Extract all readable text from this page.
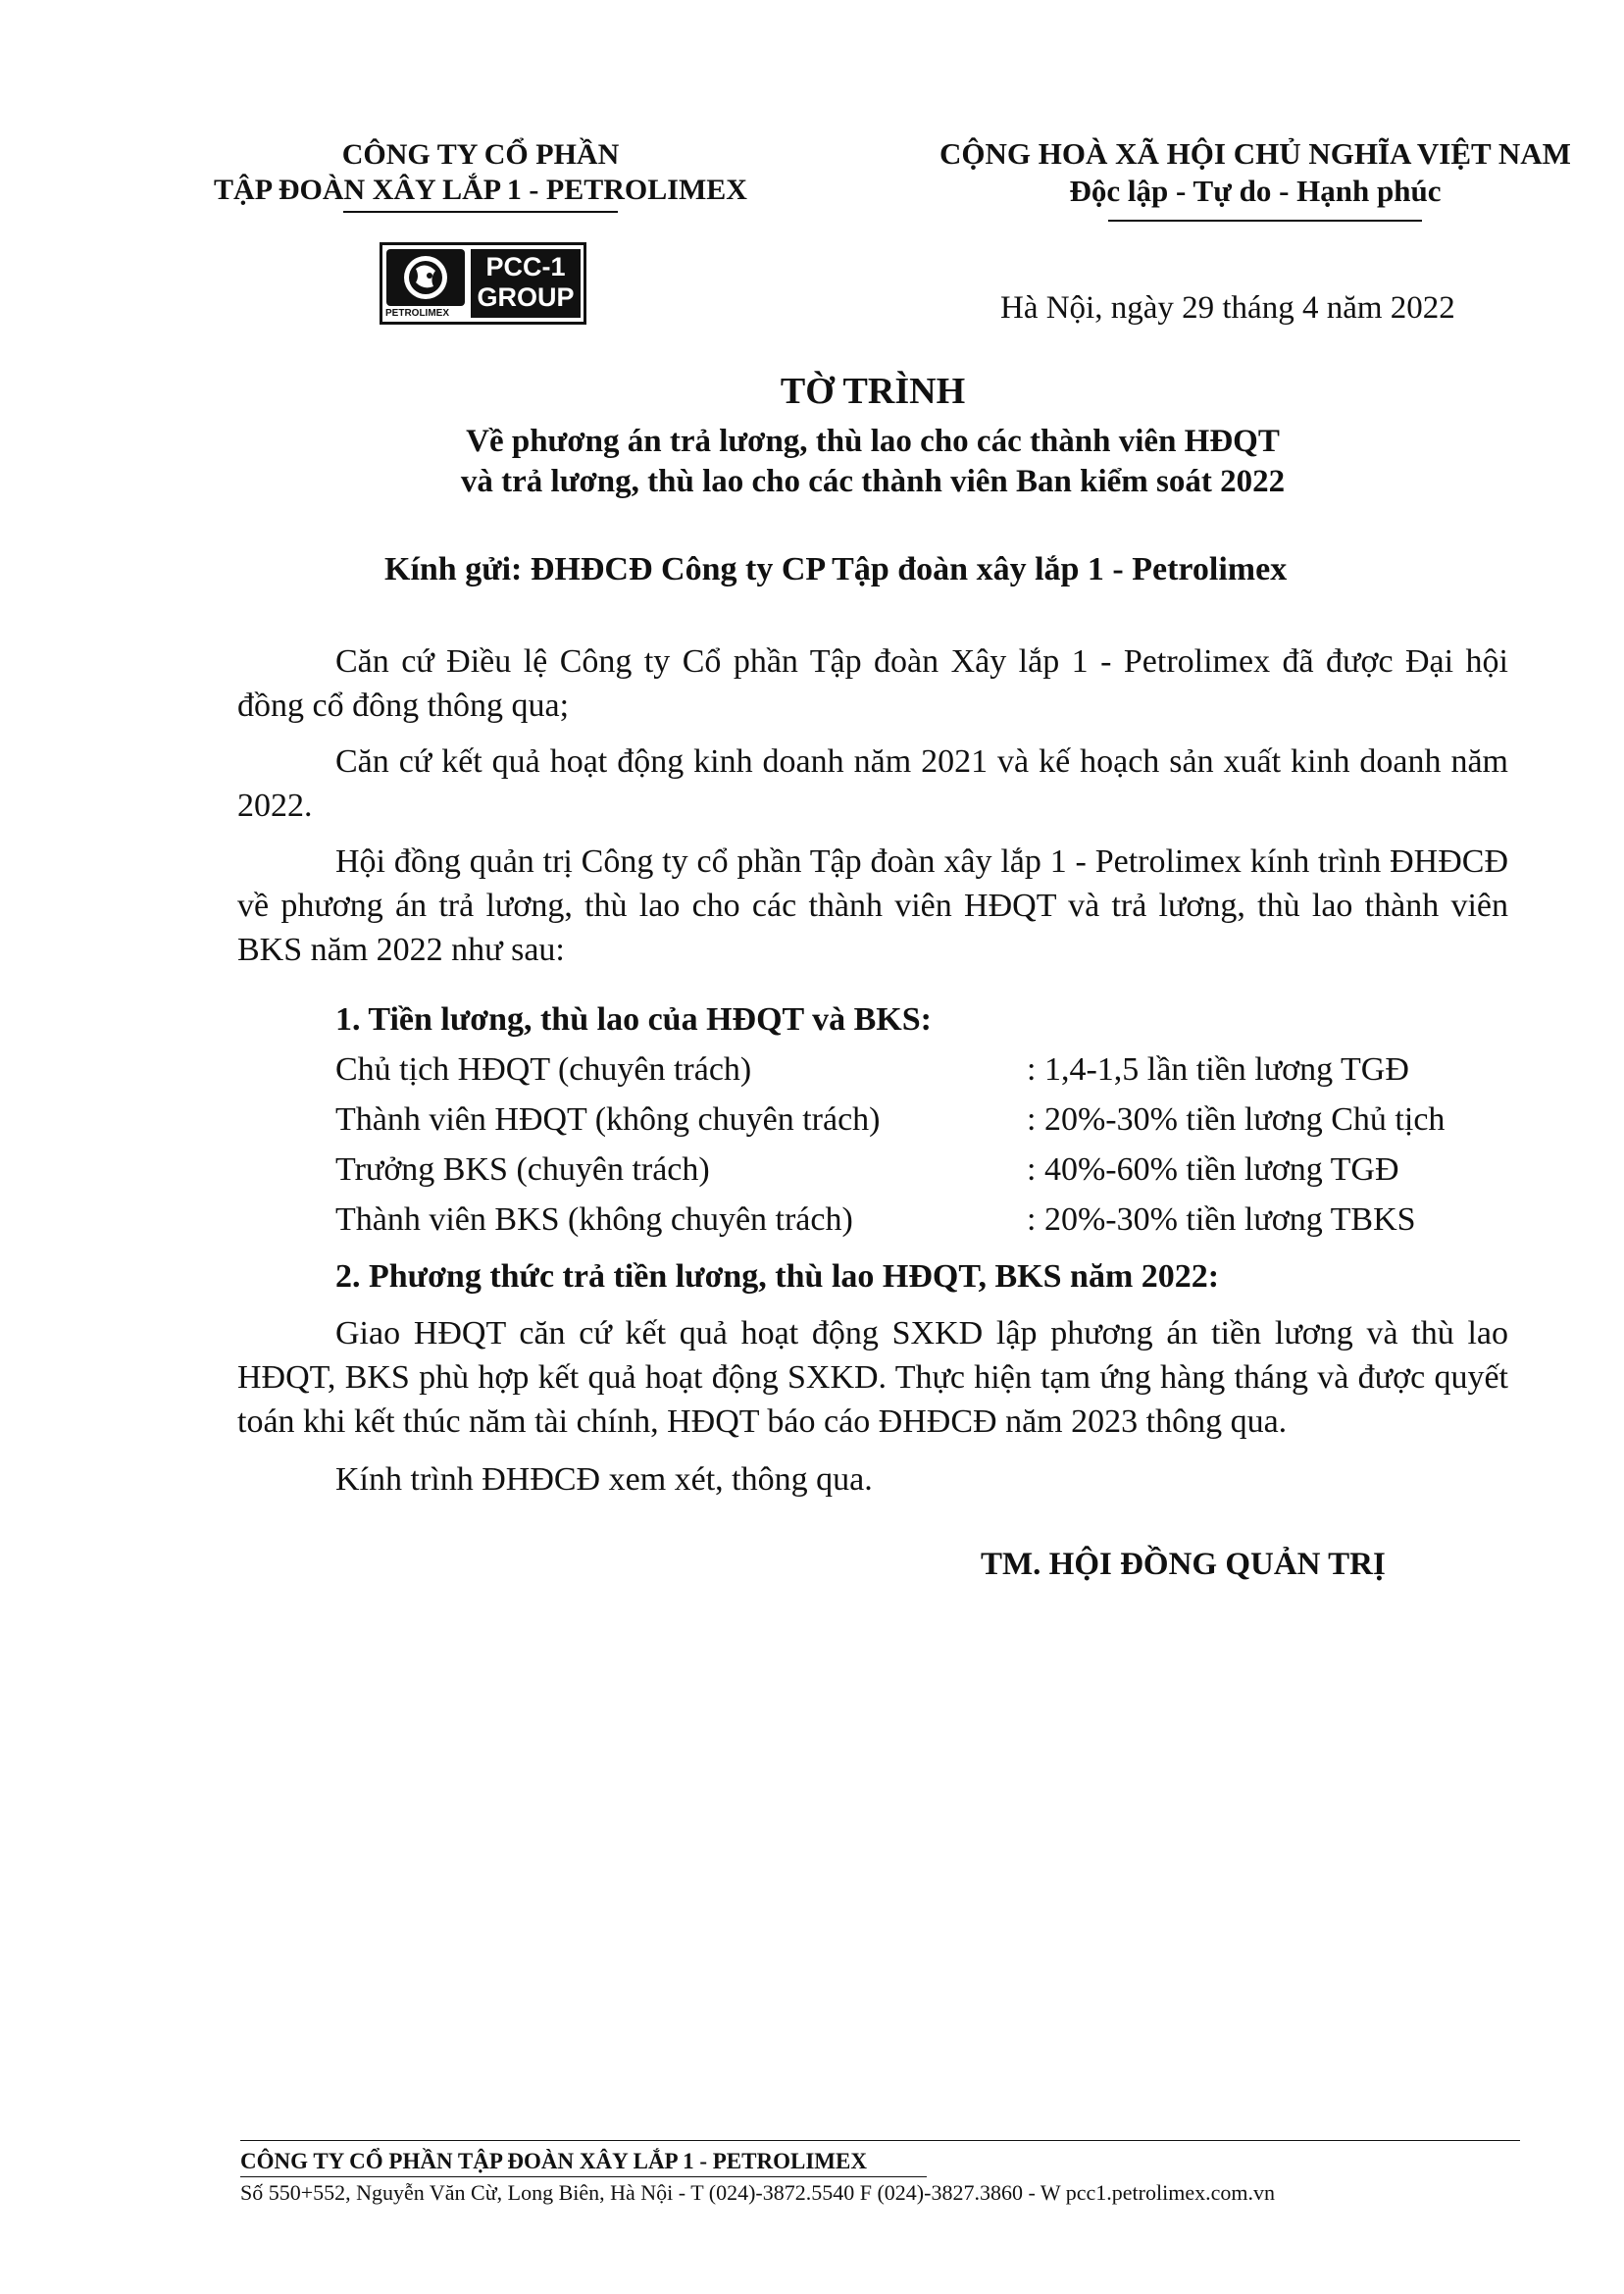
CÔNG TY CỔ PHẦN
TẬP ĐOÀN XÂY LẮP 1 - PETROLIMEX
CỘNG HOÀ XÃ HỘI CHỦ NGHĨA VIỆT NAM
Độc lập - Tự do - Hạnh phúc
PCC-1
GROUP
PETROLIMEX	Hà Nội, ngày 29 tháng 4 năm 2022
TỜ TRÌNH
Về phương án trả lương, thù lao cho các thành viên HĐQT
và trả lương, thù lao cho các thành viên Ban kiểm soát 2022
Kính gửi: ĐHĐCĐ Công ty CP Tập đoàn xây lắp 1 - Petrolimex

Căn cứ Điều lệ Công ty Cổ phần Tập đoàn Xây lắp 1 - Petrolimex đã được Đại hội đồng cổ đông thông qua;

Căn cứ kết quả hoạt động kinh doanh năm 2021 và kế hoạch sản xuất kinh doanh năm 2022.

Hội đồng quản trị Công ty cổ phần Tập đoàn xây lắp 1 - Petrolimex kính trình ĐHĐCĐ về phương án trả lương, thù lao cho các thành viên HĐQT và trả lương, thù lao thành viên BKS năm 2022 như sau:

1. Tiền lương, thù lao của HĐQT và BKS:
Chủ tịch HĐQT (chuyên trách)	: 1,4-1,5 lần tiền lương TGĐ
Thành viên HĐQT (không chuyên trách)	: 20%-30% tiền lương Chủ tịch
Trưởng BKS (chuyên trách)	: 40%-60% tiền lương TGĐ
Thành viên BKS (không chuyên trách)	: 20%-30% tiền lương TBKS
2. Phương thức trả tiền lương, thù lao HĐQT, BKS năm 2022:

Giao HĐQT căn cứ kết quả hoạt động SXKD lập phương án tiền lương và thù lao HĐQT, BKS phù hợp kết quả hoạt động SXKD. Thực hiện tạm ứng hàng tháng và được quyết toán khi kết thúc năm tài chính, HĐQT báo cáo ĐHĐCĐ năm 2023 thông qua.

Kính trình ĐHĐCĐ xem xét, thông qua.
TM. HỘI ĐỒNG QUẢN TRỊ
CÔNG TY CỔ PHẦN TẬP ĐOÀN XÂY LẮP 1 - PETROLIMEX
Số 550+552, Nguyễn Văn Cừ, Long Biên, Hà Nội - T (024)-3872.5540 F (024)-3827.3860 - W pcc1.petrolimex.com.vn
